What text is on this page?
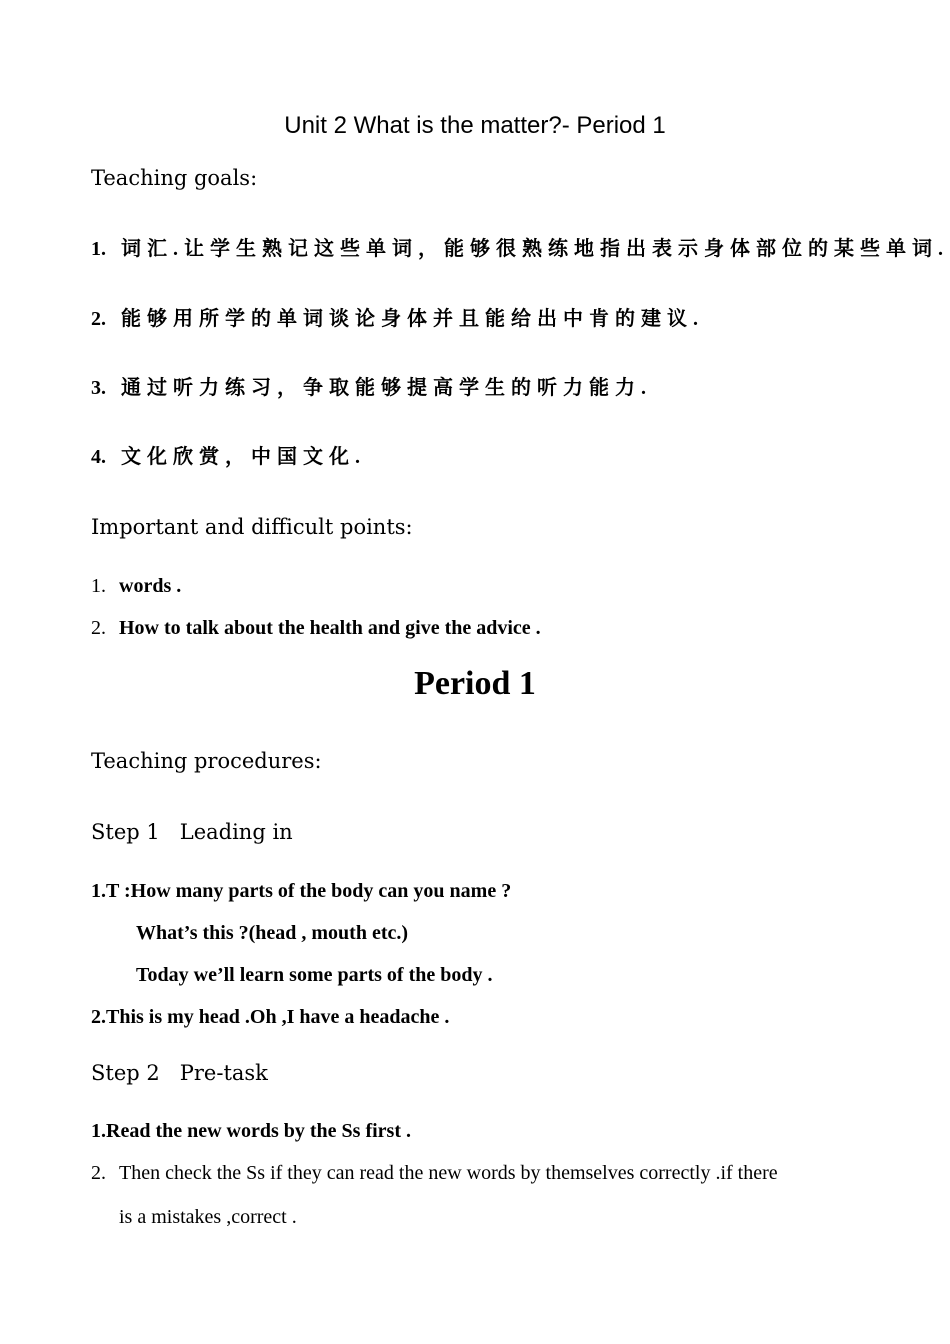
Unit 2 What is the matter?- Period 1
Teaching goals:
1. 词汇.让学生熟记这些单词，能够很熟练地指出表示身体部位的某些单词.
2. 能够用所学的单词谈论身体并且能给出中肯的建议.
3. 通过听力练习，争取能够提高学生的听力能力.
4. 文化欣赏，中国文化.
Important and difficult points:
1. words .
2. How to talk about the health and give the advice .
Period 1
Teaching procedures:
Step 1   Leading in
1.T :How many parts of the body can you name ?
What’s this ?(head , mouth etc.)
Today we’ll learn some parts of the body .
2.This is my head .Oh ,I have a headache .
Step 2   Pre-task
1.Read the new words by the Ss first .
2. Then check the Ss if they can read the new words by themselves correctly .if there
is a mistakes ,correct .
